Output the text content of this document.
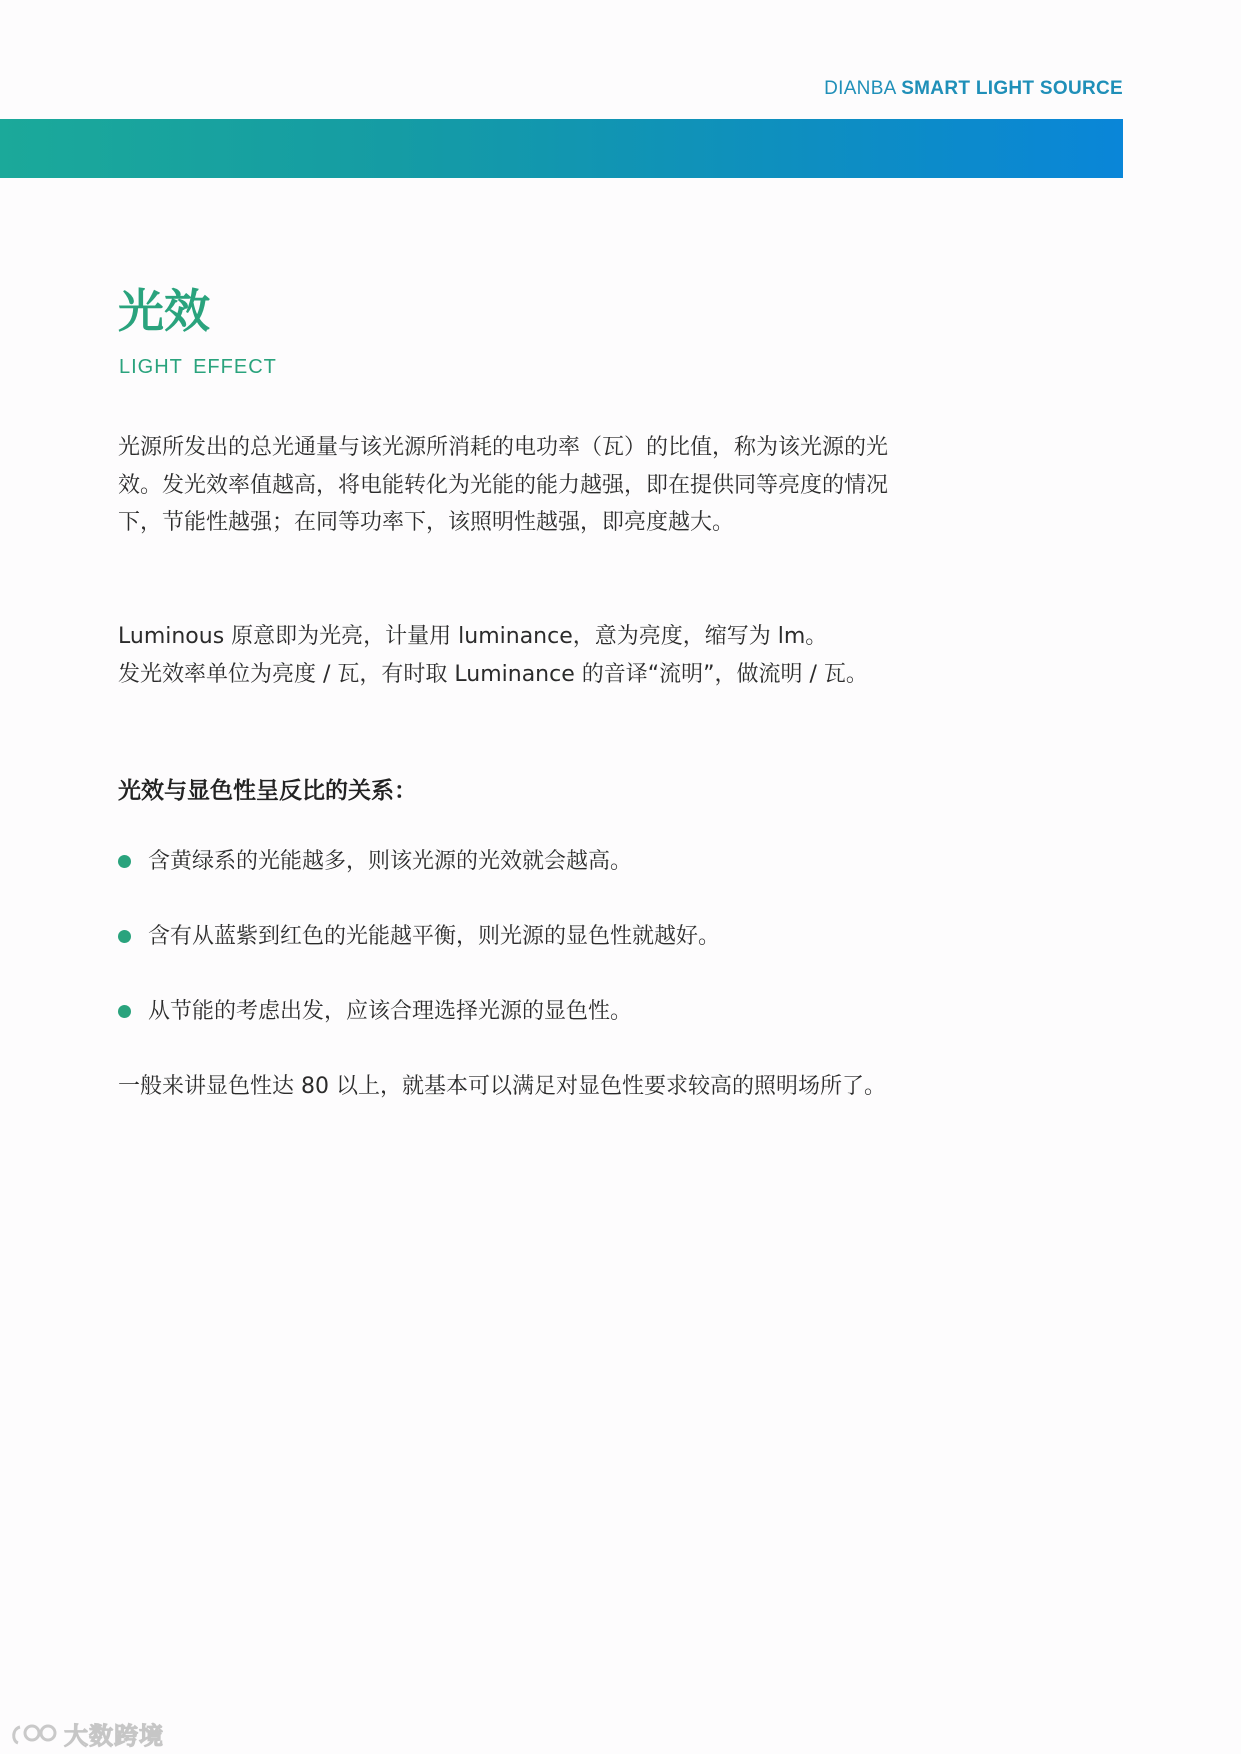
DIANBA SMART LIGHT SOURCE
光效
LIGHT EFFECT

光源所发出的总光通量与该光源所消耗的电功率（瓦）的比值，称为该光源的光效。发光效率值越高，将电能转化为光能的能力越强，即在提供同等亮度的情况下，节能性越强；在同等功率下，该照明性越强，即亮度越大。

Luminous 原意即为光亮，计量用 luminance，意为亮度，缩写为 lm。
发光效率单位为亮度 / 瓦，有时取 Luminance 的音译“流明”，做流明 / 瓦。
光效与显色性呈反比的关系：
含黄绿系的光能越多，则该光源的光效就会越高。
含有从蓝紫到红色的光能越平衡，则光源的显色性就越好。
从节能的考虑出发，应该合理选择光源的显色性。

一般来讲显色性达 80 以上，就基本可以满足对显色性要求较高的照明场所了。

大数跨境
